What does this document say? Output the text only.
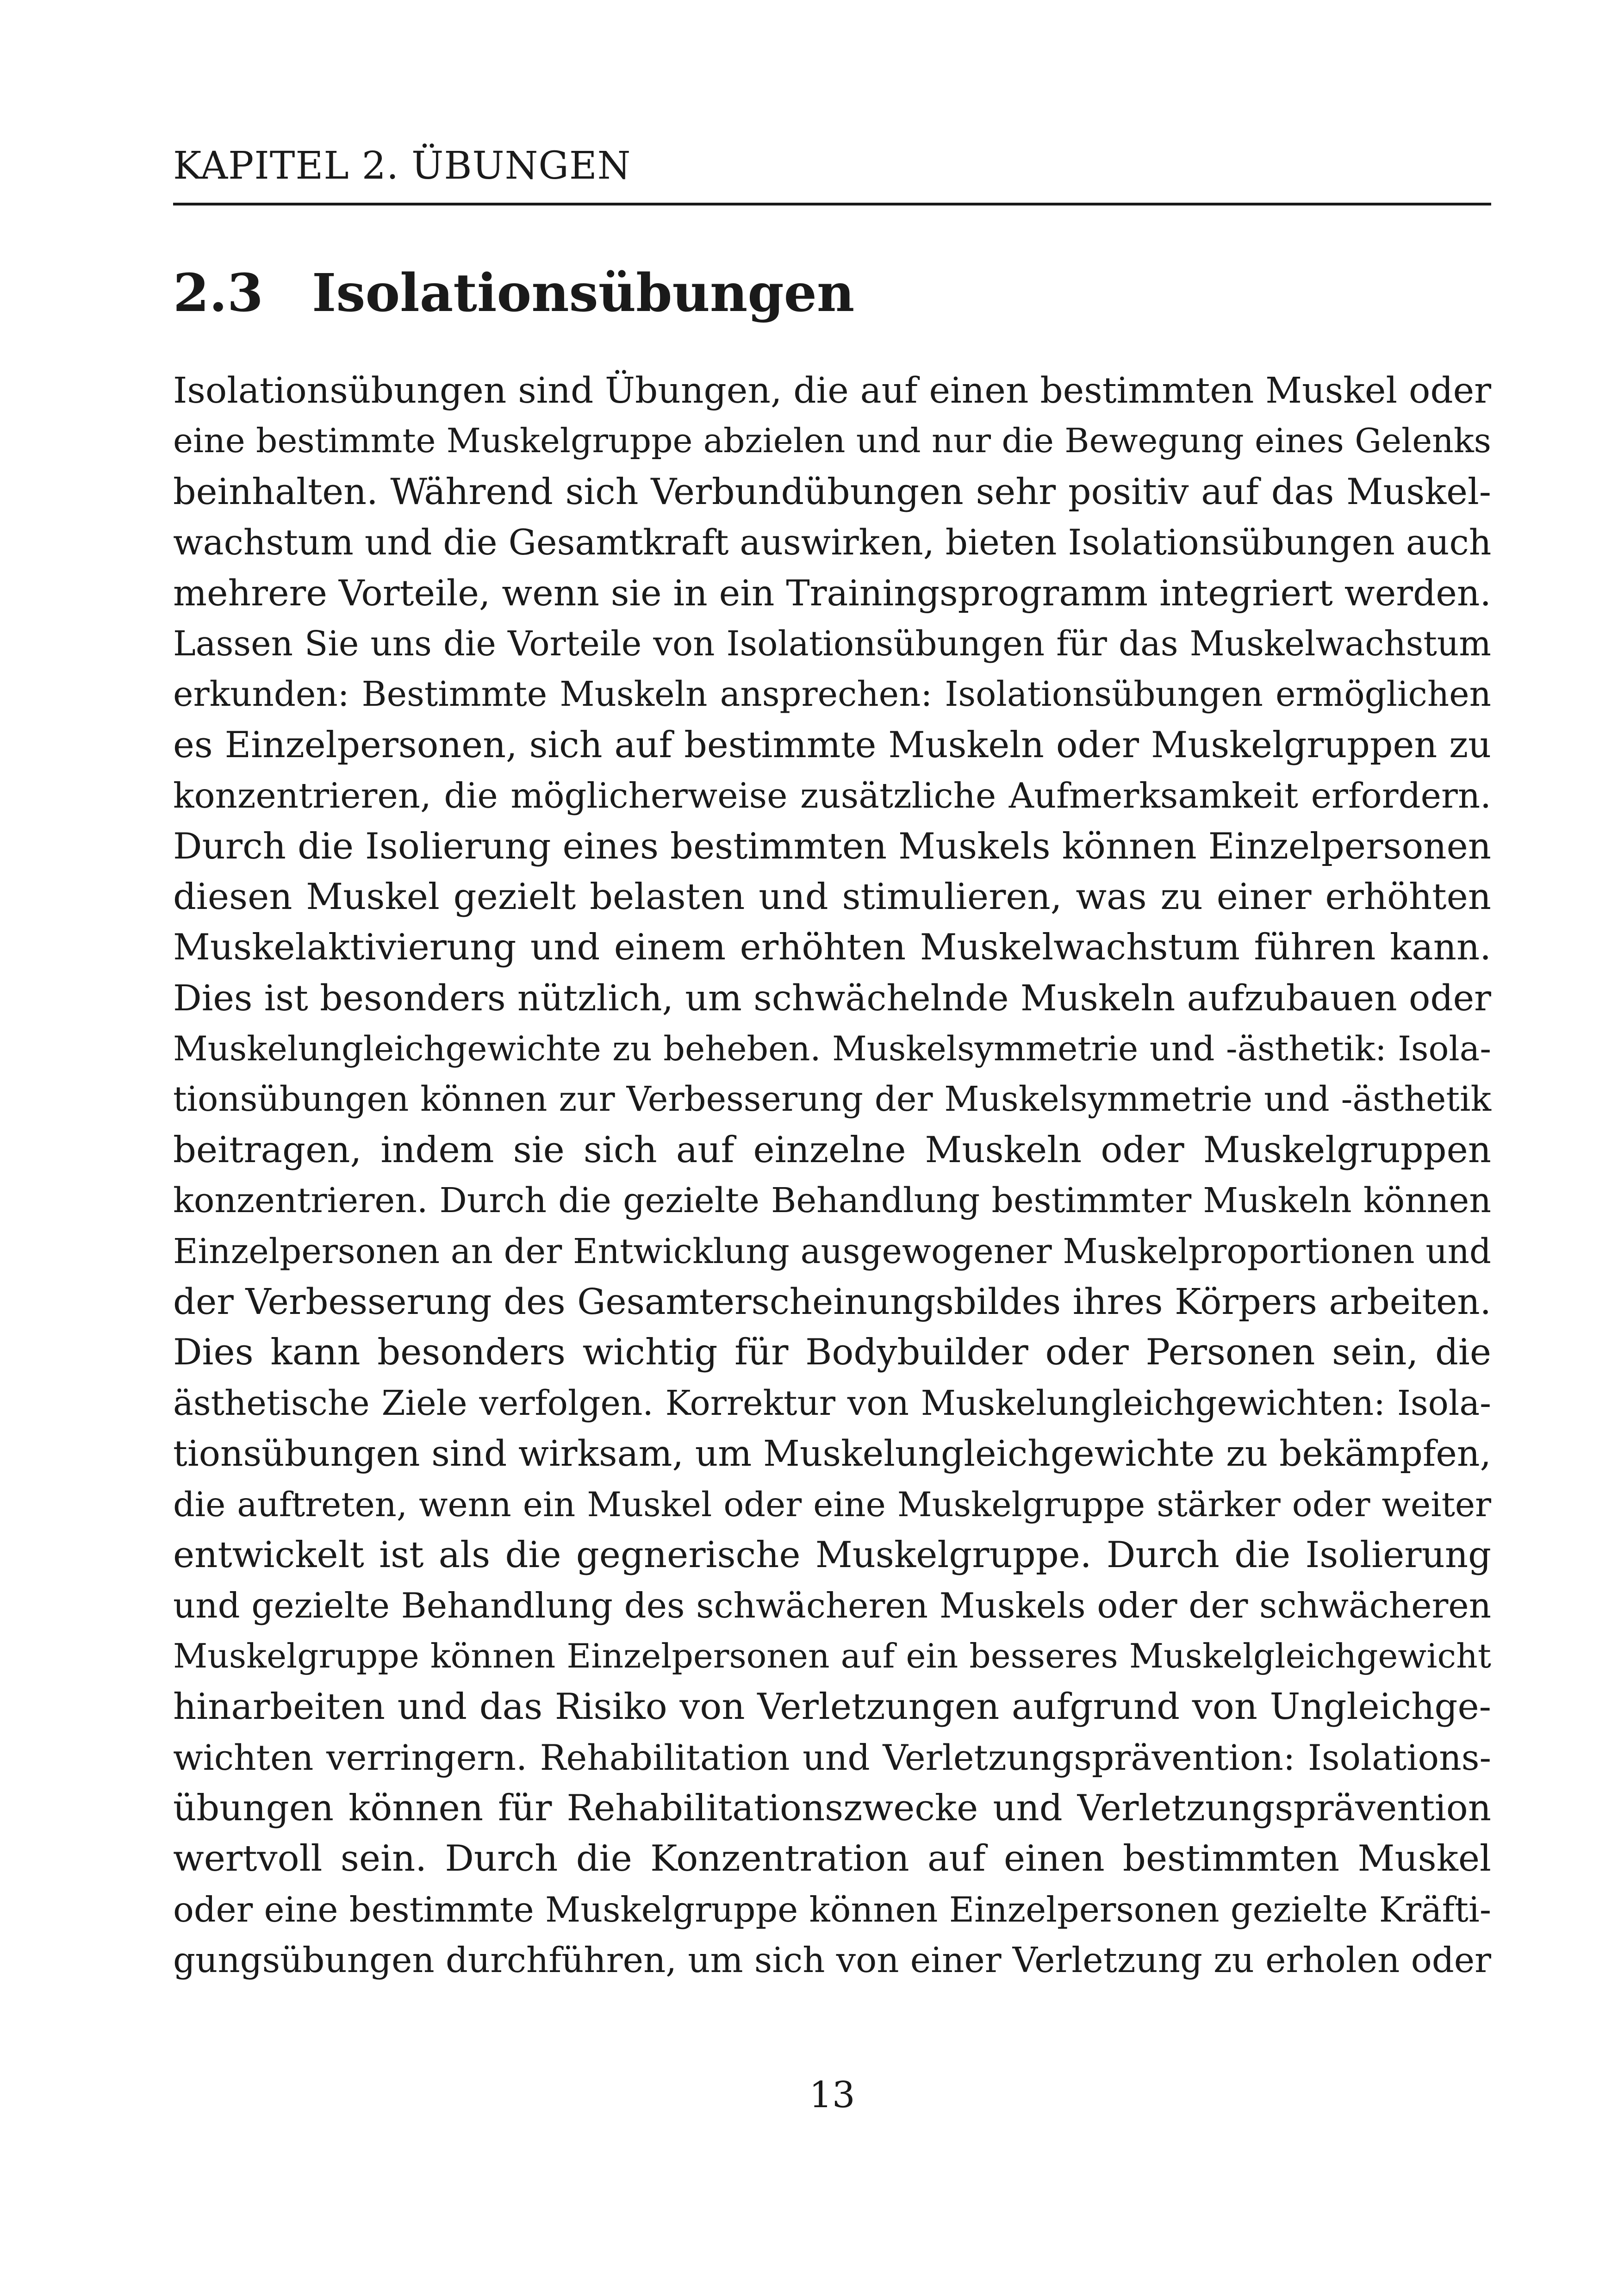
KAPITEL 2. ÜBUNGEN
2.3 Isolationsübungen
Isolationsübungen sind Übungen, die auf einen bestimmten Muskel oder
eine bestimmte Muskelgruppe abzielen und nur die Bewegung eines Gelenks
beinhalten. Während sich Verbundübungen sehr positiv auf das Muskel-
wachstum und die Gesamtkraft auswirken, bieten Isolationsübungen auch
mehrere Vorteile, wenn sie in ein Trainingsprogramm integriert werden.
Lassen Sie uns die Vorteile von Isolationsübungen für das Muskelwachstum
erkunden: Bestimmte Muskeln ansprechen: Isolationsübungen ermöglichen
es Einzelpersonen, sich auf bestimmte Muskeln oder Muskelgruppen zu
konzentrieren, die möglicherweise zusätzliche Aufmerksamkeit erfordern.
Durch die Isolierung eines bestimmten Muskels können Einzelpersonen
diesen Muskel gezielt belasten und stimulieren, was zu einer erhöhten
Muskelaktivierung und einem erhöhten Muskelwachstum führen kann.
Dies ist besonders nützlich, um schwächelnde Muskeln aufzubauen oder
Muskelungleichgewichte zu beheben. Muskelsymmetrie und -ästhetik: Isola-
tionsübungen können zur Verbesserung der Muskelsymmetrie und -ästhetik
beitragen, indem sie sich auf einzelne Muskeln oder Muskelgruppen
konzentrieren. Durch die gezielte Behandlung bestimmter Muskeln können
Einzelpersonen an der Entwicklung ausgewogener Muskelproportionen und
der Verbesserung des Gesamterscheinungsbildes ihres Körpers arbeiten.
Dies kann besonders wichtig für Bodybuilder oder Personen sein, die
ästhetische Ziele verfolgen. Korrektur von Muskelungleichgewichten: Isola-
tionsübungen sind wirksam, um Muskelungleichgewichte zu bekämpfen,
die auftreten, wenn ein Muskel oder eine Muskelgruppe stärker oder weiter
entwickelt ist als die gegnerische Muskelgruppe. Durch die Isolierung
und gezielte Behandlung des schwächeren Muskels oder der schwächeren
Muskelgruppe können Einzelpersonen auf ein besseres Muskelgleichgewicht
hinarbeiten und das Risiko von Verletzungen aufgrund von Ungleichge-
wichten verringern. Rehabilitation und Verletzungsprävention: Isolations-
übungen können für Rehabilitationszwecke und Verletzungsprävention
wertvoll sein. Durch die Konzentration auf einen bestimmten Muskel
oder eine bestimmte Muskelgruppe können Einzelpersonen gezielte Kräfti-
gungsübungen durchführen, um sich von einer Verletzung zu erholen oder
13
